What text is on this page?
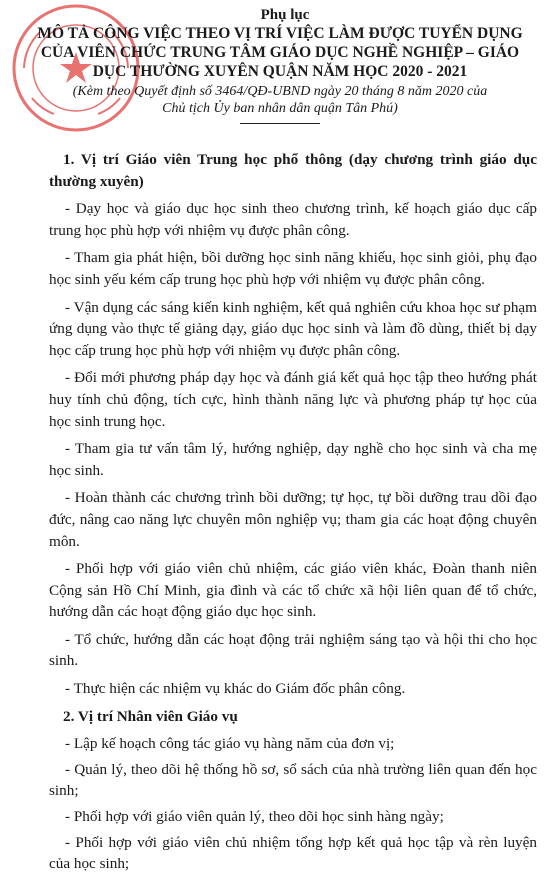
Phụ lục
MÔ TẢ CÔNG VIỆC THEO VỊ TRÍ VIỆC LÀM ĐƯỢC TUYỂN DỤNG
CỦA VIÊN CHỨC TRUNG TÂM GIÁO DỤC NGHỀ NGHIỆP – GIÁO
DỤC THƯỜNG XUYÊN QUẬN NĂM HỌC 2020 - 2021
(Kèm theo Quyết định số 3464/QĐ-UBND ngày 20 tháng 8 năm 2020 của
Chủ tịch Ủy ban nhân dân quận Tân Phú)

1. Vị trí Giáo viên Trung học phổ thông (dạy chương trình giáo dục thường xuyên)

- Dạy học và giáo dục học sinh theo chương trình, kế hoạch giáo dục cấp trung học phù hợp với nhiệm vụ được phân công.

- Tham gia phát hiện, bồi dưỡng học sinh năng khiếu, học sinh giỏi, phụ đạo học sinh yếu kém cấp trung học phù hợp với nhiệm vụ được phân công.

- Vận dụng các sáng kiến kinh nghiệm, kết quả nghiên cứu khoa học sư phạm ứng dụng vào thực tế giảng dạy, giáo dục học sinh và làm đồ dùng, thiết bị dạy học cấp trung học phù hợp với nhiệm vụ được phân công.

- Đổi mới phương pháp dạy học và đánh giá kết quả học tập theo hướng phát huy tính chủ động, tích cực, hình thành năng lực và phương pháp tự học của học sinh trung học.

- Tham gia tư vấn tâm lý, hướng nghiệp, dạy nghề cho học sinh và cha mẹ học sinh.

- Hoàn thành các chương trình bồi dưỡng; tự học, tự bồi dưỡng trau dồi đạo đức, nâng cao năng lực chuyên môn nghiệp vụ; tham gia các hoạt động chuyên môn.

- Phối hợp với giáo viên chủ nhiệm, các giáo viên khác, Đoàn thanh niên Cộng sản Hồ Chí Minh, gia đình và các tổ chức xã hội liên quan để tổ chức, hướng dẫn các hoạt động giáo dục học sinh.

- Tổ chức, hướng dẫn các hoạt động trải nghiệm sáng tạo và hội thi cho học sinh.

- Thực hiện các nhiệm vụ khác do Giám đốc phân công.

2. Vị trí Nhân viên Giáo vụ

- Lập kế hoạch công tác giáo vụ hàng năm của đơn vị;

- Quản lý, theo dõi hệ thống hồ sơ, sổ sách của nhà trường liên quan đến học sinh;

- Phối hợp với giáo viên quản lý, theo dõi học sinh hàng ngày;

- Phối hợp với giáo viên chủ nhiệm tổng hợp kết quả học tập và rèn luyện của học sinh;
